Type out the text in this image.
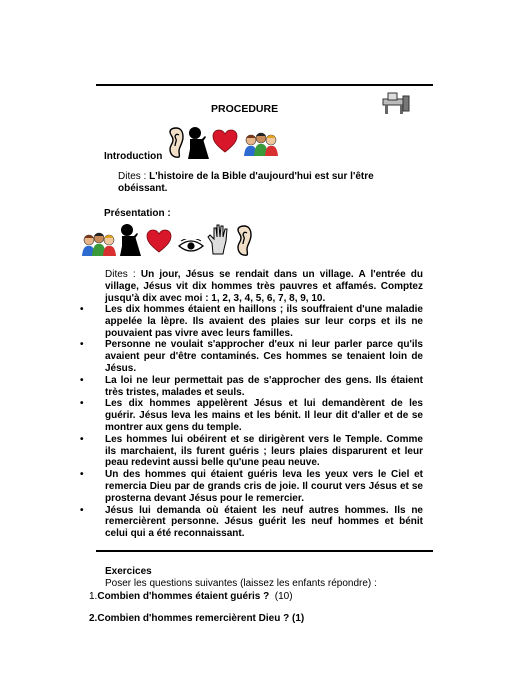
PROCEDURE
Introduction
Dites : L'histoire de la Bible d'aujourd'hui est sur l'être obéissant.
Présentation :
Dites : Un jour, Jésus se rendait dans un village. A l'entrée du village, Jésus vit dix hommes très pauvres et affamés. Comptez jusqu'à dix avec moi : 1, 2, 3, 4, 5, 6, 7, 8, 9, 10.
• Les dix hommes étaient en haillons ; ils souffraient d'une maladie appelée la lèpre. Ils avaient des plaies sur leur corps et ils ne pouvaient pas vivre avec leurs familles.
• Personne ne voulait s'approcher d'eux ni leur parler parce qu'ils avaient peur d'être contaminés. Ces hommes se tenaient loin de Jésus.
• La loi ne leur permettait pas de s'approcher des gens. Ils étaient très tristes, malades et seuls.
• Les dix hommes appelèrent Jésus et lui demandèrent de les guérir. Jésus leva les mains et les bénit. Il leur dit d'aller et de se montrer aux gens du temple.
• Les hommes lui obéirent et se dirigèrent vers le Temple. Comme ils marchaient, ils furent guéris ; leurs plaies disparurent et leur peau redevint aussi belle qu'une peau neuve.
• Un des hommes qui étaient guéris leva les yeux vers le Ciel et remercia Dieu par de grands cris de joie. Il courut vers Jésus et se prosterna devant Jésus pour le remercier.
• Jésus lui demanda où étaient les neuf autres hommes. Ils ne remercièrent personne. Jésus guérit les neuf hommes et bénit celui qui a été reconnaissant.
Exercices
Poser les questions suivantes (laissez les enfants répondre) :
1.Combien d'hommes étaient guéris ?  (10)
2.Combien d'hommes remercièrent Dieu ? (1)
